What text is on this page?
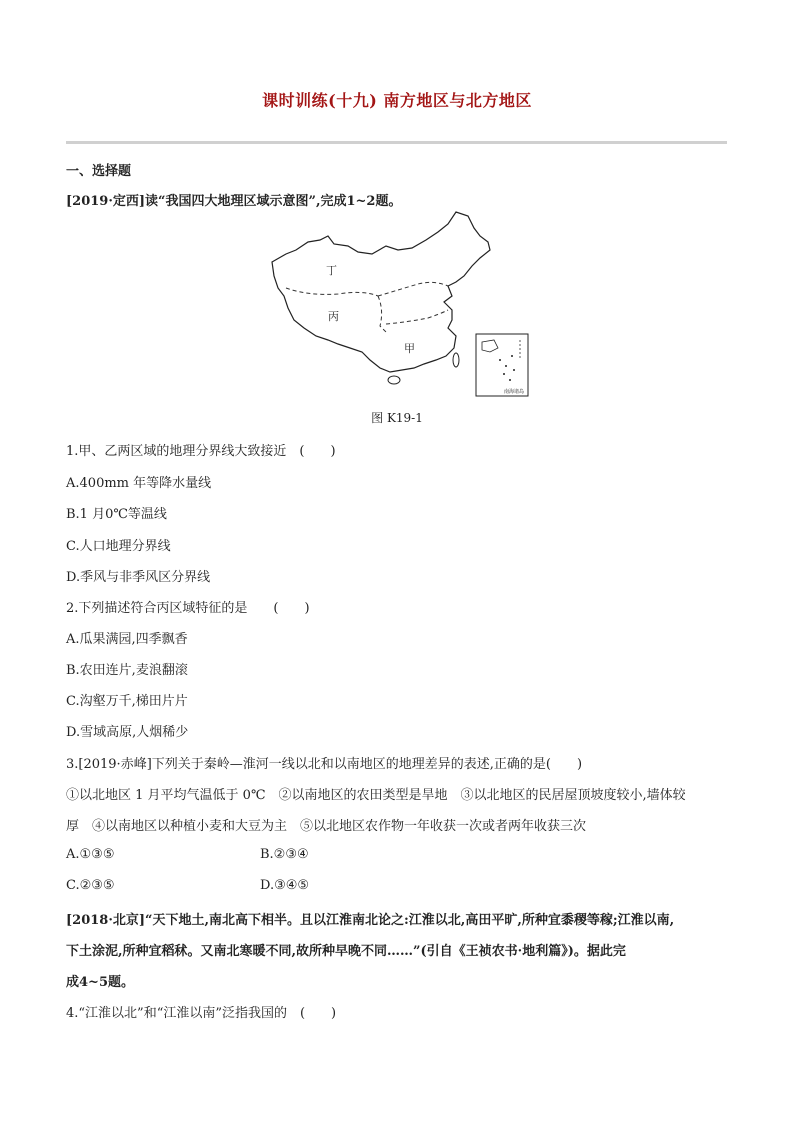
课时训练(十九) 南方地区与北方地区
一、选择题
[2019·定西]读“我国四大地理区域示意图”,完成1~2题。
丁
丙
甲
南海诸岛
图 K19-1
1.甲、乙两区域的地理分界线大致接近　(　　)
A.400mm 年等降水量线
B.1 月0℃等温线
C.人口地理分界线
D.季风与非季风区分界线
2.下列描述符合丙区域特征的是　　(　　)
A.瓜果满园,四季飘香
B.农田连片,麦浪翻滚
C.沟壑万千,梯田片片
D.雪域高原,人烟稀少
3.[2019·赤峰]下列关于秦岭—淮河一线以北和以南地区的地理差异的表述,正确的是(　　)
①以北地区 1 月平均气温低于 0℃　②以南地区的农田类型是旱地　③以北地区的民居屋顶坡度较小,墙体较
厚　④以南地区以种植小麦和大豆为主　⑤以北地区农作物一年收获一次或者两年收获三次
A.①③⑤	B.②③④
C.②③⑤	D.③④⑤
[2018·北京]“天下地土,南北高下相半。且以江淮南北论之:江淮以北,高田平旷,所种宜黍稷等稼;江淮以南,
下土涂泥,所种宜稻秫。又南北寒暖不同,故所种早晚不同……”(引自《王祯农书·地利篇》)。据此完
成4~5题。
4.“江淮以北”和“江淮以南”泛指我国的　(　　)
